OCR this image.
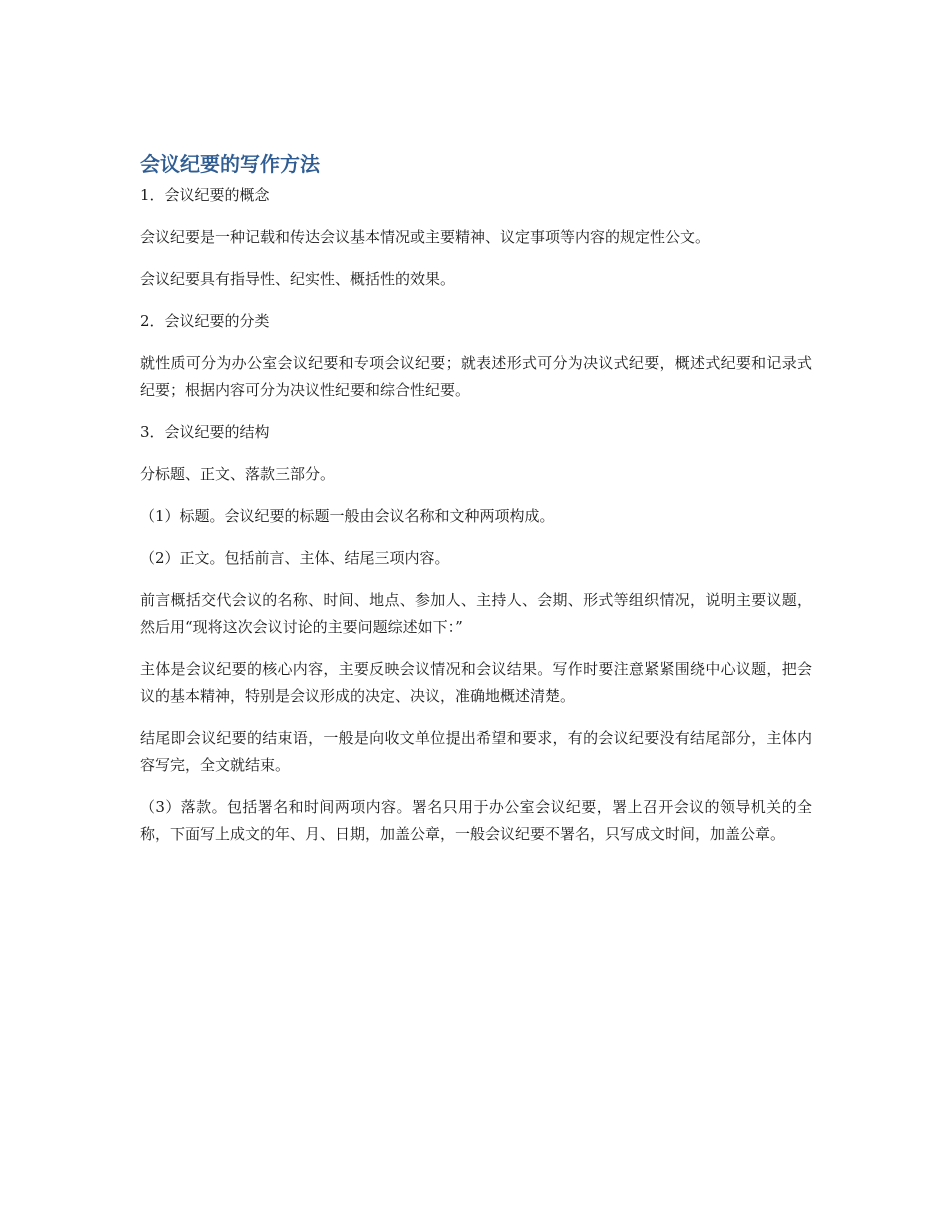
会议纪要的写作方法

1．会议纪要的概念

会议纪要是一种记载和传达会议基本情况或主要精神、议定事项等内容的规定性公文。

会议纪要具有指导性、纪实性、概括性的效果。

2．会议纪要的分类

就性质可分为办公室会议纪要和专项会议纪要；就表述形式可分为决议式纪要，概述式纪要和记录式纪要；根据内容可分为决议性纪要和综合性纪要。

3．会议纪要的结构

分标题、正文、落款三部分。

（1）标题。会议纪要的标题一般由会议名称和文种两项构成。

（2）正文。包括前言、主体、结尾三项内容。

前言概括交代会议的名称、时间、地点、参加人、主持人、会期、形式等组织情况，说明主要议题，然后用“现将这次会议讨论的主要问题综述如下：”

主体是会议纪要的核心内容，主要反映会议情况和会议结果。写作时要注意紧紧围绕中心议题，把会议的基本精神，特别是会议形成的决定、决议，准确地概述清楚。

结尾即会议纪要的结束语，一般是向收文单位提出希望和要求，有的会议纪要没有结尾部分，主体内容写完，全文就结束。

（3）落款。包括署名和时间两项内容。署名只用于办公室会议纪要，署上召开会议的领导机关的全称，下面写上成文的年、月、日期，加盖公章，一般会议纪要不署名，只写成文时间，加盖公章。
